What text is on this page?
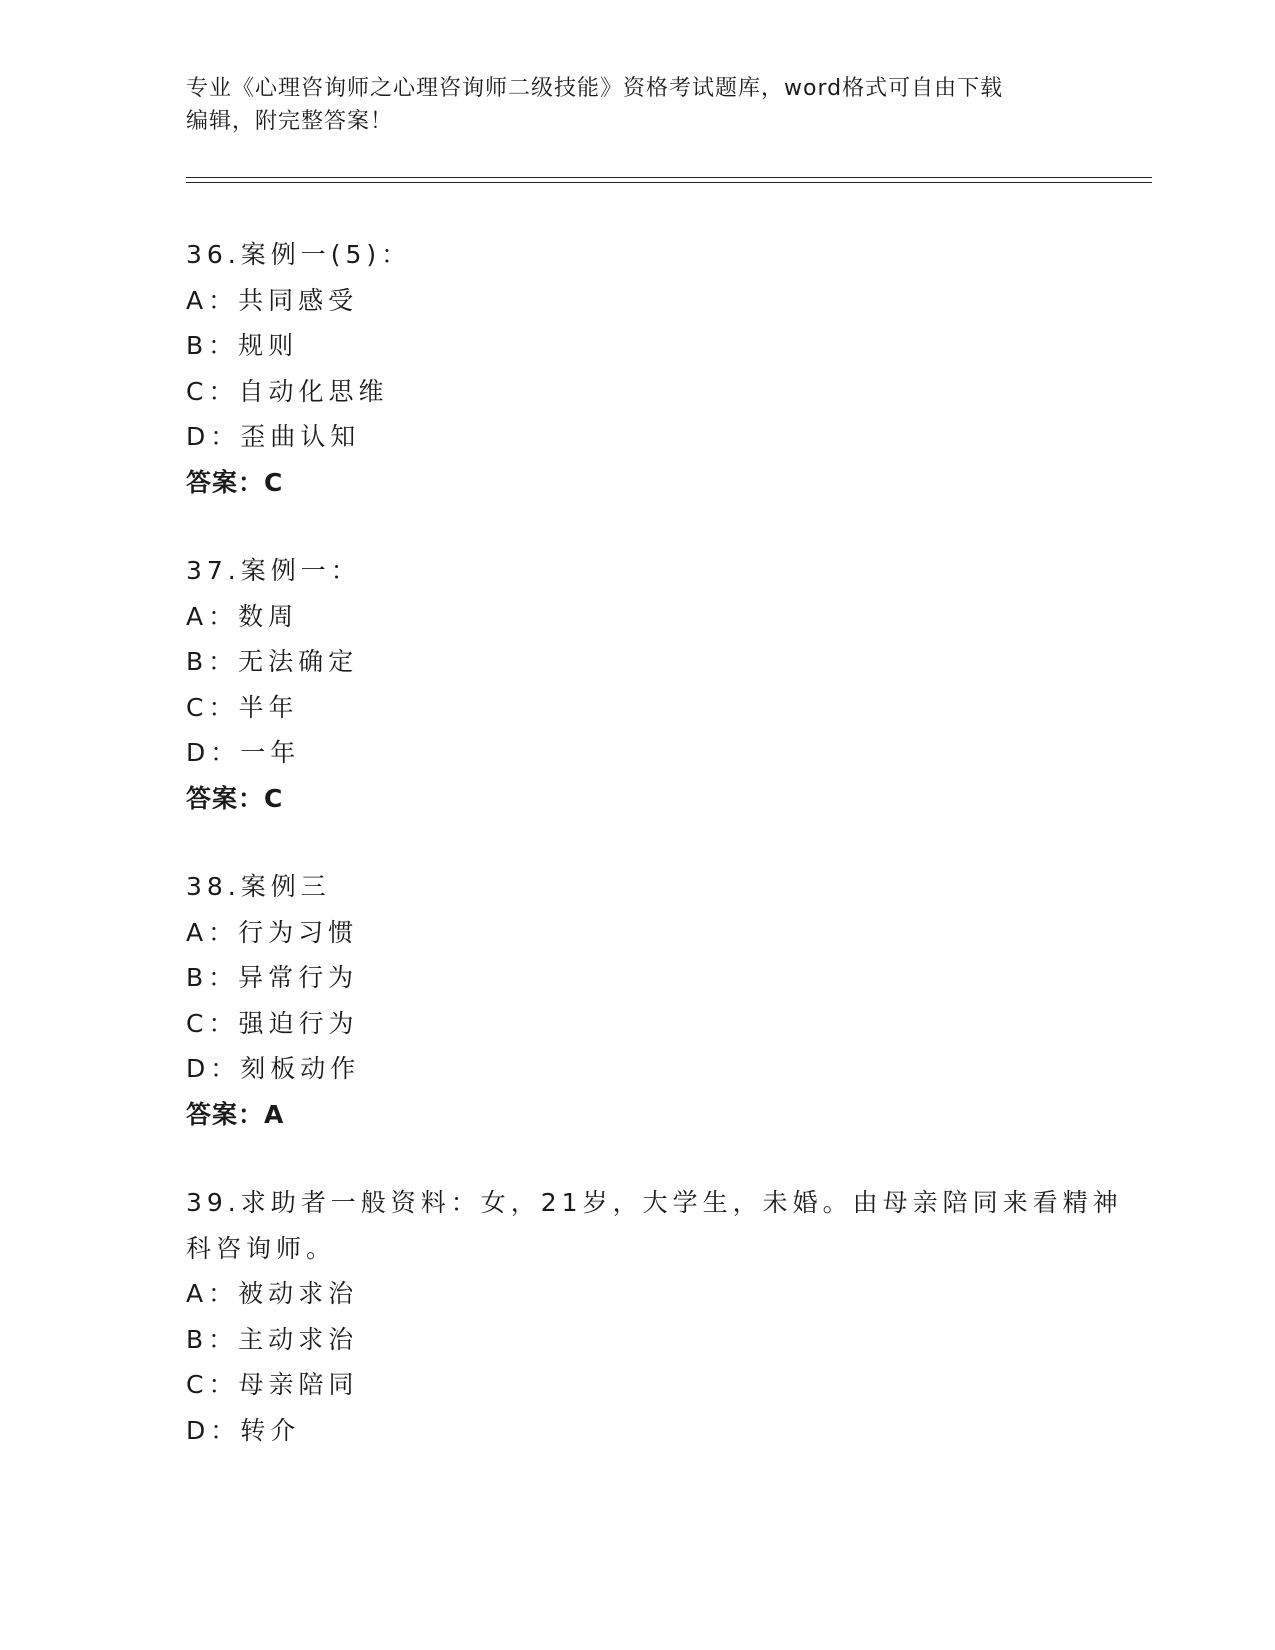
专业《心理咨询师之心理咨询师二级技能》资格考试题库，word格式可自由下载
编辑，附完整答案！
36.案例一(5)：
A：共同感受
B：规则
C：自动化思维
D：歪曲认知
答案：C
37.案例一：
A：数周
B：无法确定
C：半年
D：一年
答案：C
38.案例三
A：行为习惯
B：异常行为
C：强迫行为
D：刻板动作
答案：A
39.求助者一般资料：女，21岁，大学生，未婚。由母亲陪同来看精神
科咨询师。
A：被动求治
B：主动求治
C：母亲陪同
D：转介
